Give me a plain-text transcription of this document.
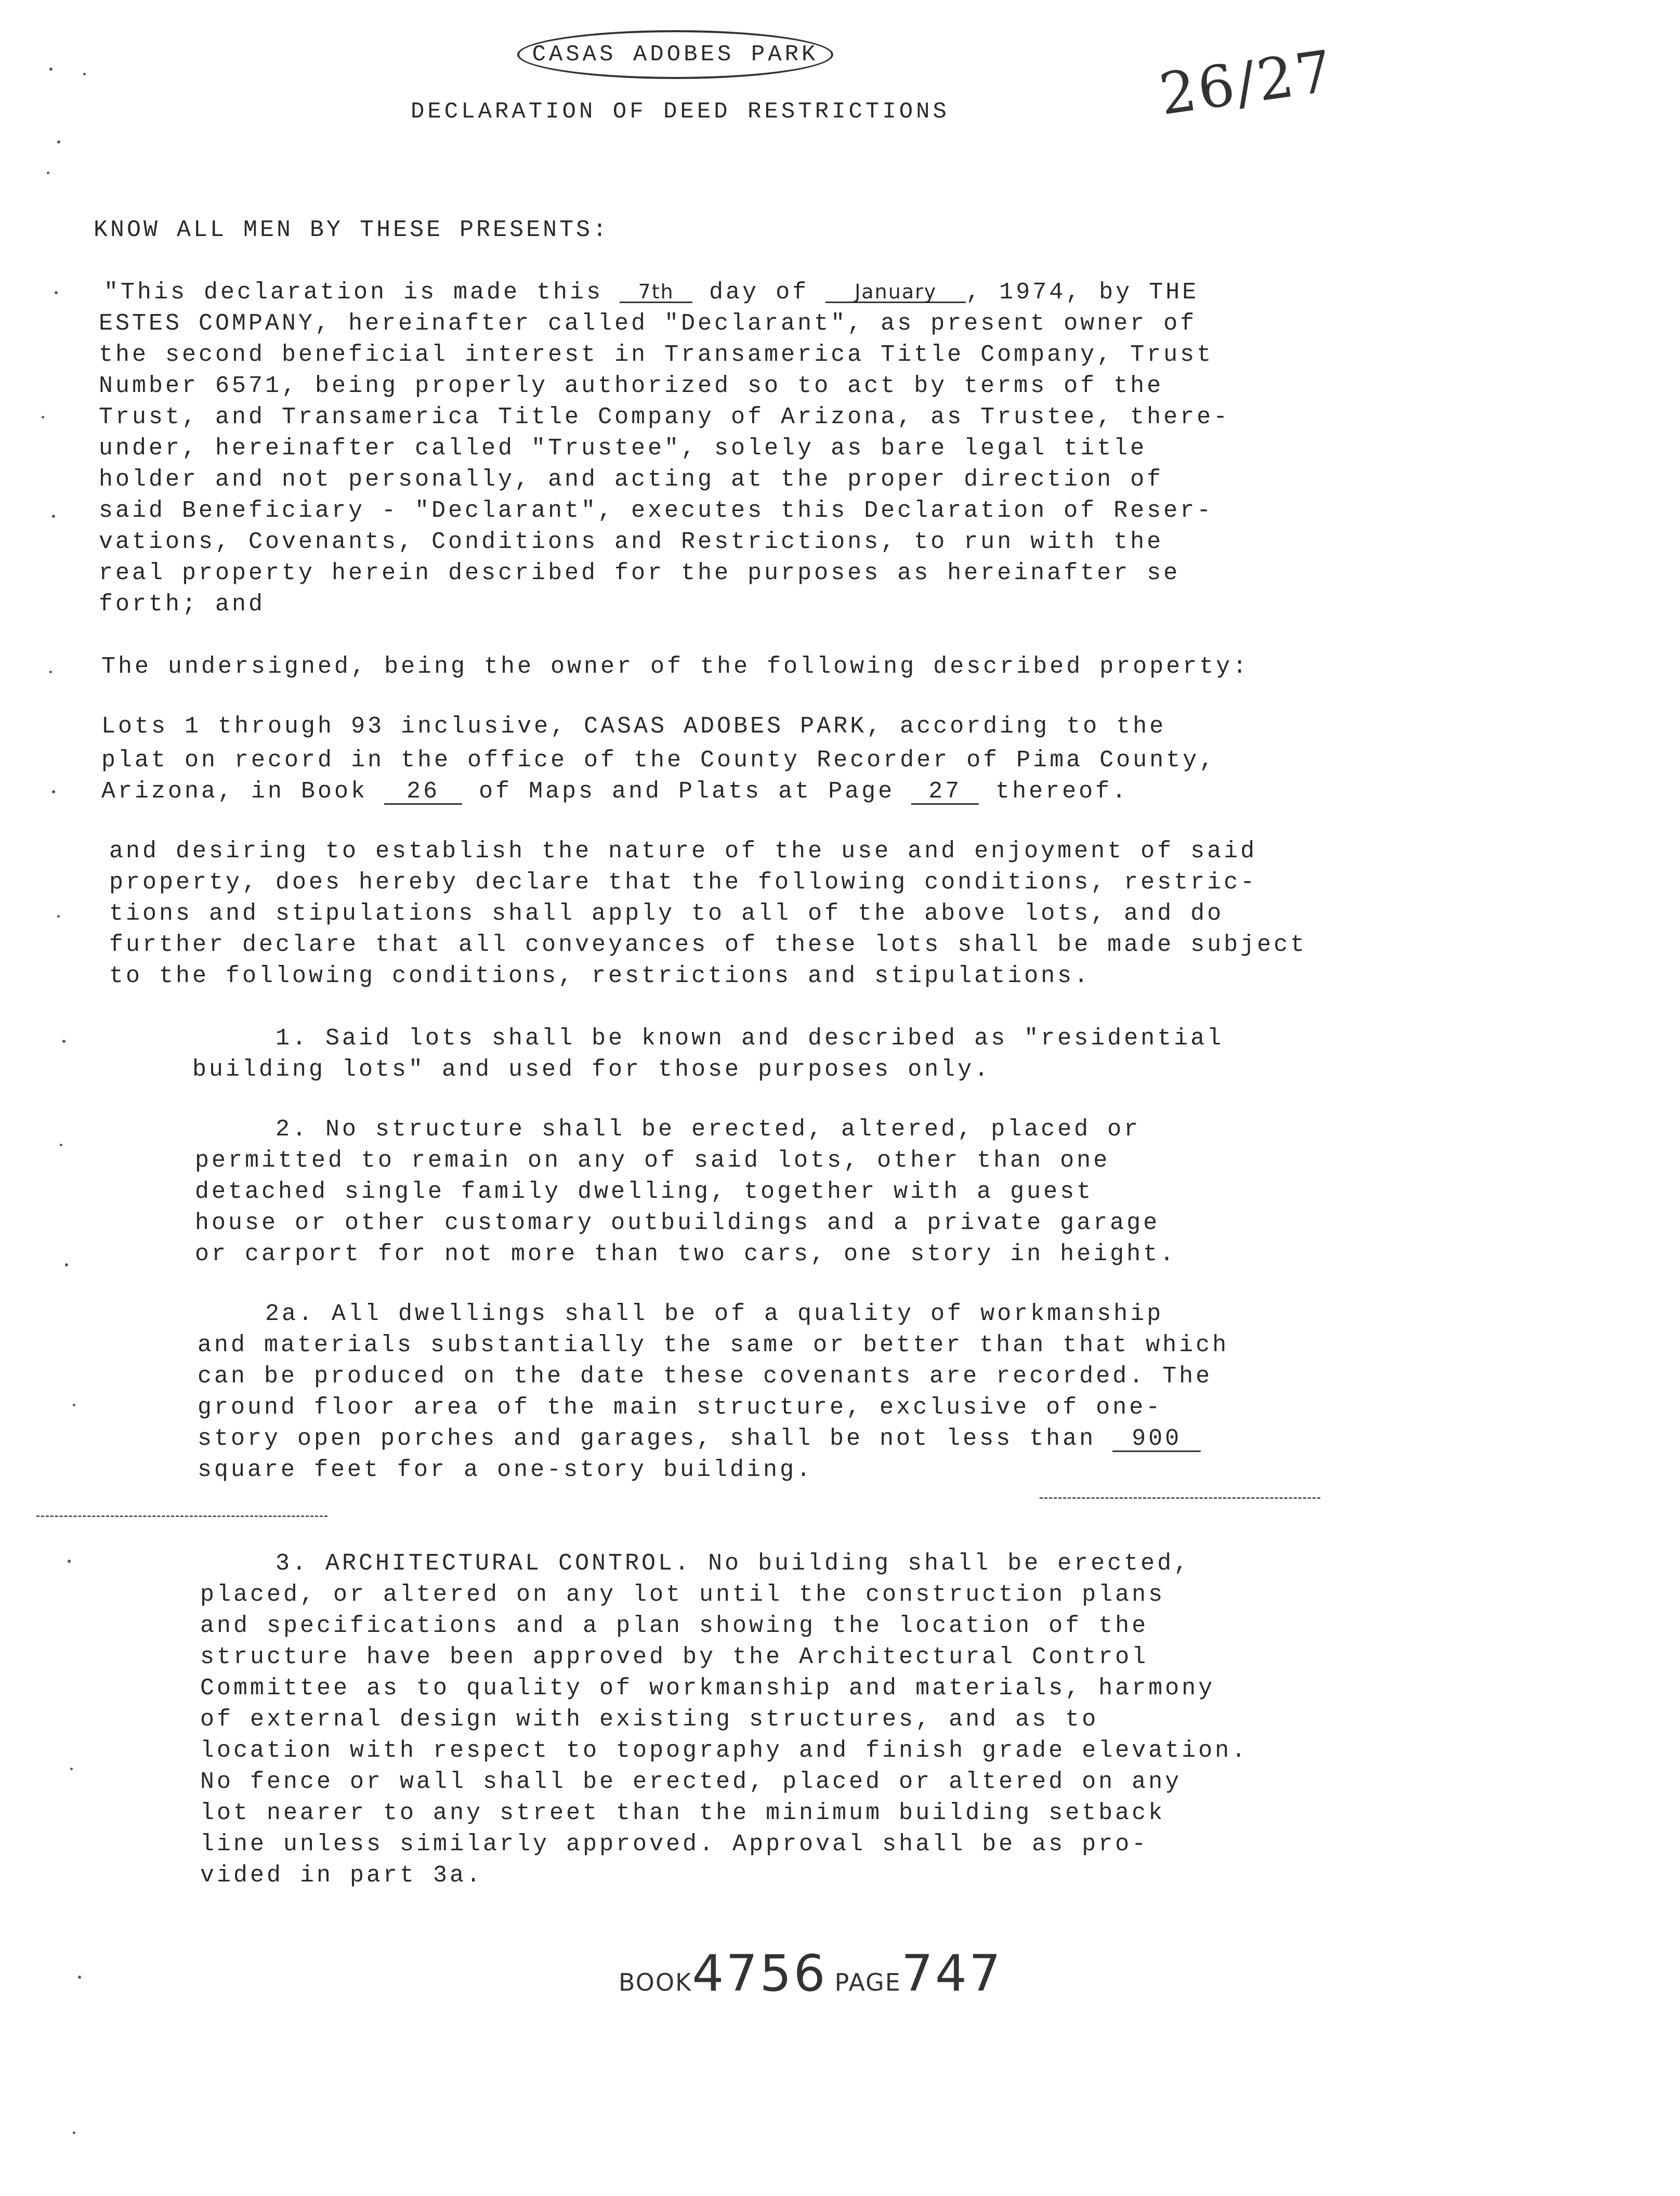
CASAS ADOBES PARK
DECLARATION OF DEED RESTRICTIONS	26/27
KNOW ALL MEN BY THESE PRESENTS:
"This declaration is made this 7th day of January , 1974, by THE
ESTES COMPANY, hereinafter called "Declarant", as present owner of
the second beneficial interest in Transamerica Title Company, Trust
Number 6571, being properly authorized so to act by terms of the
Trust, and Transamerica Title Company of Arizona, as Trustee, there-
under, hereinafter called "Trustee", solely as bare legal title
holder and not personally, and acting at the proper direction of
said Beneficiary - "Declarant", executes this Declaration of Reser-
vations, Covenants, Conditions and Restrictions, to run with the
real property herein described for the purposes as hereinafter se
forth; and
The undersigned, being the owner of the following described property:
Lots 1 through 93 inclusive, CASAS ADOBES PARK, according to the
plat on record in the office of the County Recorder of Pima County,
Arizona, in Book 26 of Maps and Plats at Page 27 thereof.
and desiring to establish the nature of the use and enjoyment of said
property, does hereby declare that the following conditions, restric-
tions and stipulations shall apply to all of the above lots, and do
further declare that all conveyances of these lots shall be made subject
to the following conditions, restrictions and stipulations.
1. Said lots shall be known and described as "residential
building lots" and used for those purposes only.
2. No structure shall be erected, altered, placed or
permitted to remain on any of said lots, other than one
detached single family dwelling, together with a guest
house or other customary outbuildings and a private garage
or carport for not more than two cars, one story in height.
2a. All dwellings shall be of a quality of workmanship
and materials substantially the same or better than that which
can be produced on the date these covenants are recorded. The
ground floor area of the main structure, exclusive of one-
story open porches and garages, shall be not less than 900
square feet for a one-story building.
3. ARCHITECTURAL CONTROL. No building shall be erected,
placed, or altered on any lot until the construction plans
and specifications and a plan showing the location of the
structure have been approved by the Architectural Control
Committee as to quality of workmanship and materials, harmony
of external design with existing structures, and as to
location with respect to topography and finish grade elevation.
No fence or wall shall be erected, placed or altered on any
lot nearer to any street than the minimum building setback
line unless similarly approved. Approval shall be as pro-
vided in part 3a.
BOOK4756 PAGE747
